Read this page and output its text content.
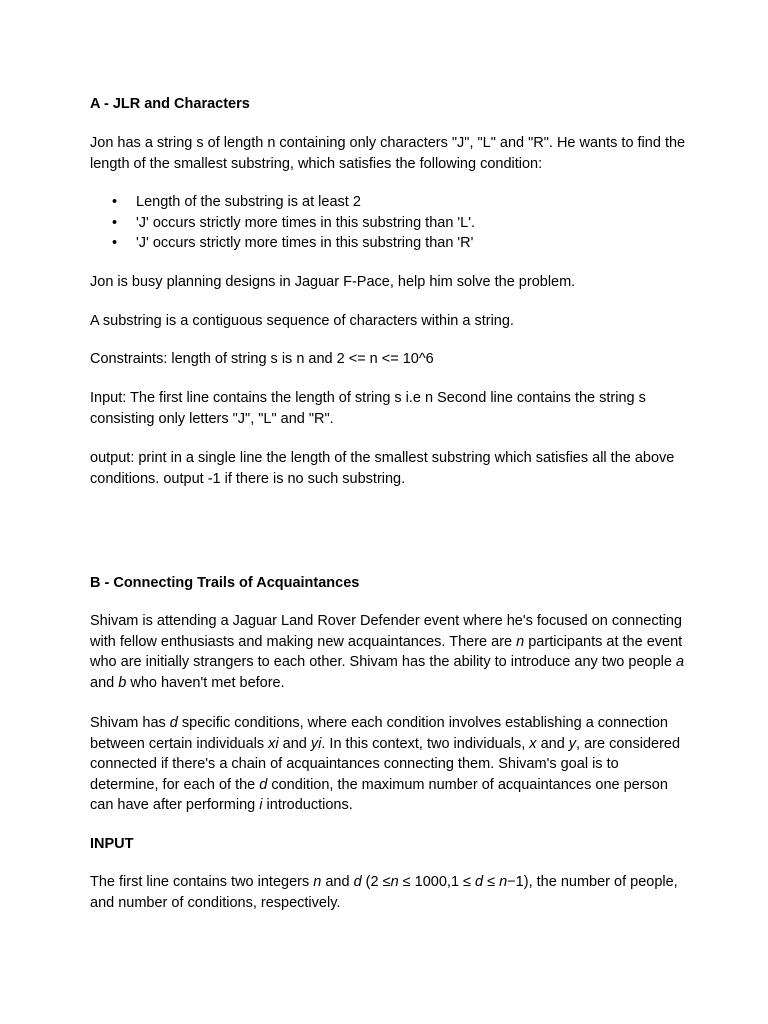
A - JLR and Characters

Jon has a string s of length n containing only characters "J", "L" and "R". He wants to find the length of the smallest substring, which satisfies the following condition:

• Length of the substring is at least 2
• 'J' occurs strictly more times in this substring than 'L'.
• 'J' occurs strictly more times in this substring than 'R'

Jon is busy planning designs in Jaguar F-Pace, help him solve the problem.

A substring is a contiguous sequence of characters within a string.

Constraints: length of string s is n and 2 <= n <= 10^6

Input: The first line contains the length of string s i.e n Second line contains the string s consisting only letters "J", "L" and "R".

output: print in a single line the length of the smallest substring which satisfies all the above conditions. output -1 if there is no such substring.

B - Connecting Trails of Acquaintances

Shivam is attending a Jaguar Land Rover Defender event where he's focused on connecting with fellow enthusiasts and making new acquaintances. There are n participants at the event who are initially strangers to each other. Shivam has the ability to introduce any two people a and b who haven't met before.

Shivam has d specific conditions, where each condition involves establishing a connection between certain individuals xi and yi. In this context, two individuals, x and y, are considered connected if there's a chain of acquaintances connecting them. Shivam's goal is to determine, for each of the d condition, the maximum number of acquaintances one person can have after performing i introductions.

INPUT

The first line contains two integers n and d (2 ≤n ≤ 1000,1 ≤ d ≤ n−1), the number of people, and number of conditions, respectively.
